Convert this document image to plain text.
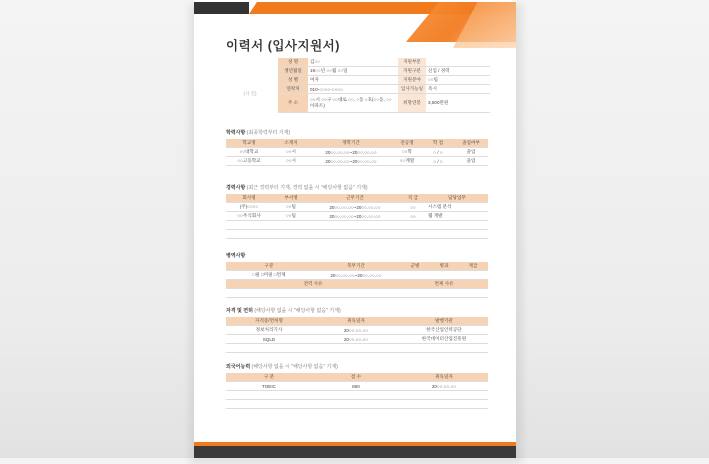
이력서 (입사지원서)
(사 진)
성 명	김○○	지원부문	
생년월일	19○○년 ○○월 ○○일	지원구분	신입 / 경력
성 별	여자	지원분야	○○팀
연락처	010-○○○○-○○○○	입사가능일	즉시
주 소	○○시 ○○구 ○○대로 ○○, ○동 ○호(○○동, ○○아파트)	희망연봉	3,500만원
학력사항 (최종학력부터 기재)
학교명	소재지	재학기간	전공명	학 점	졸업여부
○○대학교	○○시	20○○.○○.○○~20○○.○○.○○	○○학	○ / ○	졸업
○○고등학교	○○시	20○○.○○.○○~20○○.○○.○○	○○계열	○ / ○	졸업
경력사항 (최근 경력부터 기재, 경력 없을 시 "해당사항 없음" 기재)
회사명	부서명	근무기간	직 급	담당업무
(주)○○○○	○○팀	20○○.○○.○○~20○○.○○.○○	○○	시스템 분석
○○주식회사	○○팀	20○○.○○.○○~20○○.○○.○○	○○	웹 개발

병역사항
구분	복무기간	군별	병과	계급
□필 □미필 □면제	20○○.○○.○○~20○○.○○.○○			
전역 사유		면제 사유		

자격 및 면허 (해당사항 없을 시 "해당사항 없음" 기재)
자격증/면허명	취득일자	발행기관
정보처리기사	20○○.○○.○○	한국산업인력공단
SQLD	20○○.○○.○○	한국데이터산업진흥원

외국어능력 (해당사항 없을 시 "해당사항 없음" 기재)
구 분	점 수	취득일자
TOEIC	850	20○○.○○.○○
